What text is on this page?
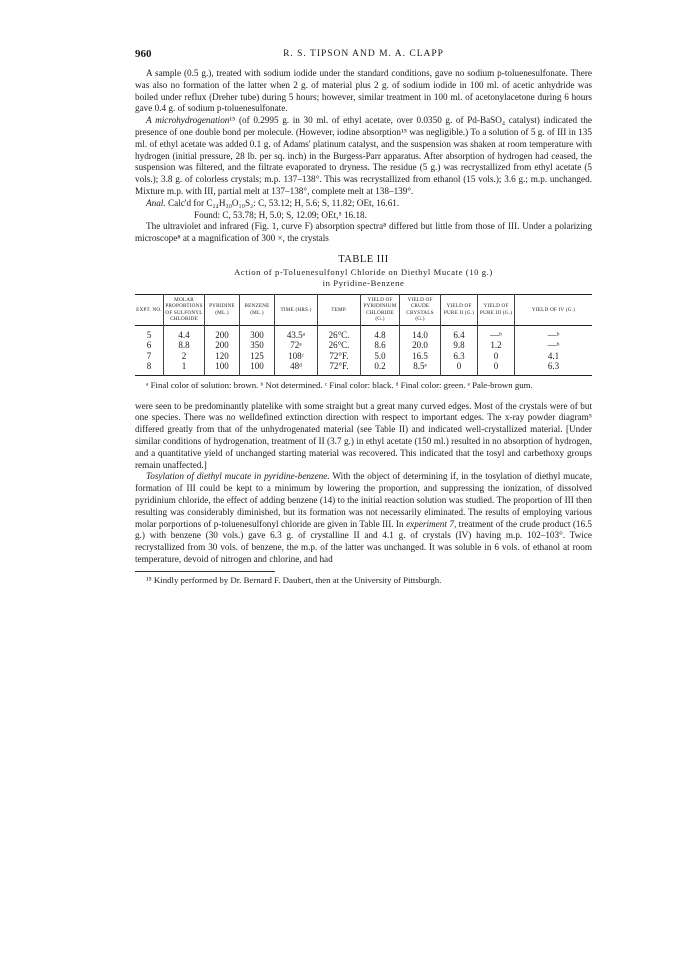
960	R. S. TIPSON AND M. A. CLAPP

A sample (0.5 g.), treated with sodium iodide under the standard conditions, gave no sodium p-toluenesulfonate. There was also no formation of the latter when 2 g. of material plus 2 g. of sodium iodide in 100 ml. of acetic anhydride was boiled under reflux (Dreher tube) during 5 hours; however, similar treatment in 100 ml. of acetonylacetone during 6 hours gave 0.4 g. of sodium p-toluenesulfonate.

A microhydrogenation¹⁵ (of 0.2995 g. in 30 ml. of ethyl acetate, over 0.0350 g. of Pd-BaSO₄ catalyst) indicated the presence of one double bond per molecule. (However, iodine absorption¹⁵ was negligible.) To a solution of 5 g. of III in 135 ml. of ethyl acetate was added 0.1 g. of Adams' platinum catalyst, and the suspension was shaken at room temperature with hydrogen (initial pressure, 28 lb. per sq. inch) in the Burgess-Parr apparatus. After absorption of hydrogen had ceased, the suspension was filtered, and the filtrate evaporated to dryness. The residue (5 g.) was recrystallized from ethyl acetate (5 vols.); 3.8 g. of colorless crystals; m.p. 137–138°. This was recrystallized from ethanol (15 vols.); 3.6 g.; m.p. unchanged. Mixture m.p. with III, partial melt at 137–138°, complete melt at 138–139°.

Anal. Calc'd for C₂₄H₃₀O₁₀S₂: C, 53.12; H, 5.6; S, 11.82; OEt, 16.61.

Found: C, 53.78; H, 5.0; S, 12.09; OEt,⁵ 16.18.

The ultraviolet and infrared (Fig. 1, curve F) absorption spectra⁸ differed but little from those of III. Under a polarizing microscope⁸ at a magnification of 300 ×, the crystals

TABLE III
Action of p-Toluenesulfonyl Chloride on Diethyl Mucate (10 g.)
in Pyridine-Benzene
EXPT. NO.	MOLAR PROPORTIONS OF SULFONYL CHLORIDE	PYRIDINE (ML.)	BENZENE (ML.)	TIME (HRS.)	TEMP.	YIELD OF PYRIDINIUM CHLORIDE (G.)	YIELD OF CRUDE CRYSTALS (G.)	YIELD OF PURE II (G.)	YIELD OF PURE III (G.)	YIELD OF IV (G.)
5	4.4	200	300	43.5ᵃ	26°C.	4.8	14.0	6.4	—ᵇ	—ᵇ
6	8.8	200	350	72ᵃ	26°C.	8.6	20.0	9.8	1.2	—ᵇ
7	2	120	125	108ᶜ	72°F.	5.0	16.5	6.3	0	4.1
8	1	100	100	48ᵈ	72°F.	0.2	8.5ᵉ	0	0	6.3

ᵃ Final color of solution: brown. ᵇ Not determined. ᶜ Final color: black. ᵈ Final color: green. ᵉ Pale-brown gum.

were seen to be predominantly platelike with some straight but a great many curved edges. Most of the crystals were of but one species. There was no welldefined extinction direction with respect to important edges. The x-ray powder diagram⁵ differed greatly from that of the unhydrogenated material (see Table II) and indicated well-crystallized material. [Under similar conditions of hydrogenation, treatment of II (3.7 g.) in ethyl acetate (150 ml.) resulted in no absorption of hydrogen, and a quantitative yield of unchanged starting material was recovered. This indicated that the tosyl and carbethoxy groups remain unaffected.]

Tosylation of diethyl mucate in pyridine-benzene. With the object of determining if, in the tosylation of diethyl mucate, formation of III could be kept to a minimum by lowering the proportion, and suppressing the ionization, of dissolved pyridinium chloride, the effect of adding benzene (14) to the initial reaction solution was studied. The proportion of III then resulting was considerably diminished, but its formation was not necessarily eliminated. The results of employing various molar porportions of p-toluenesulfonyl chloride are given in Table III. In experiment 7, treatment of the crude product (16.5 g.) with benzene (30 vols.) gave 6.3 g. of crystalline II and 4.1 g. of crystals (IV) having m.p. 102–103°. Twice recrystallized from 30 vols. of benzene, the m.p. of the latter was unchanged. It was soluble in 6 vols. of ethanol at room temperature, devoid of nitrogen and chlorine, and had

¹⁵ Kindly performed by Dr. Bernard F. Daubert, then at the University of Pittsburgh.
